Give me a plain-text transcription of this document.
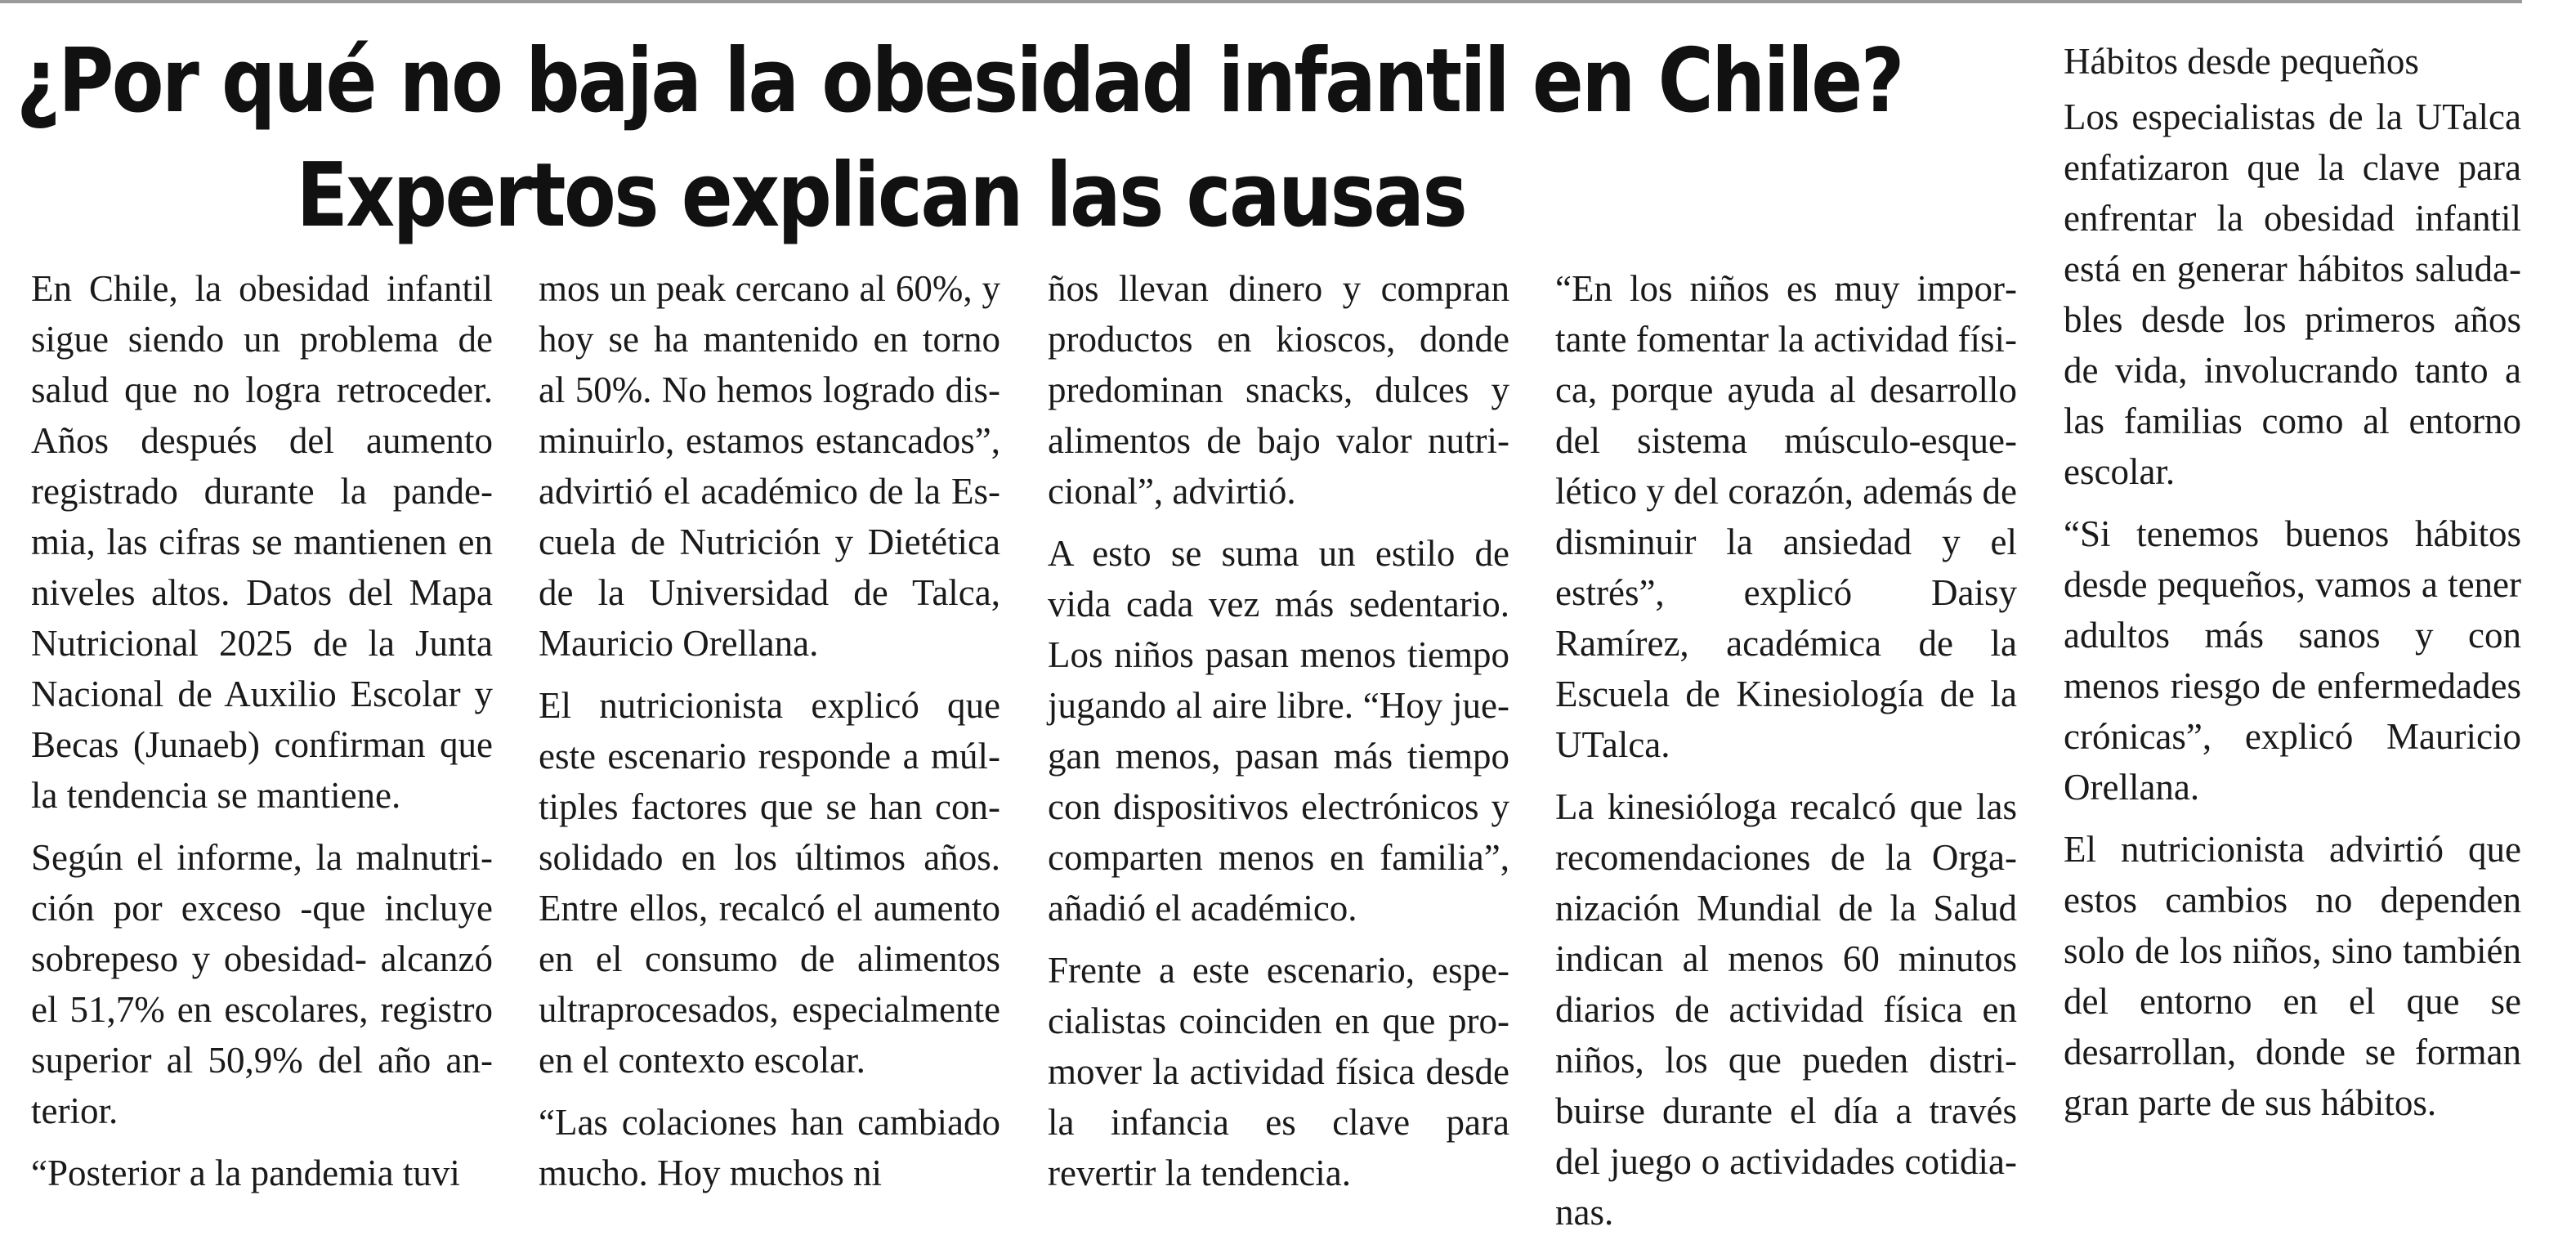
¿Por qué no baja la obesidad infantil en Chile?
Expertos explican las causas

En Chile, la obesidad infantil sigue siendo un problema de salud que no logra retroceder. Años después del aumento registrado durante la pandemia, las cifras se mantienen en niveles altos. Datos del Mapa Nutricional 2025 de la Junta Nacional de Auxilio Escolar y Becas (Junaeb) confirman que la tendencia se mantiene.

Según el informe, la malnutrición por exceso -que incluye sobrepeso y obesidad- alcanzó el 51,7% en escolares, registro superior al 50,9% del año anterior.

“Posterior a la pandemia tuvi

mos un peak cercano al 60%, y hoy se ha mantenido en torno al 50%. No hemos logrado disminuirlo, estamos estancados”, advirtió el académico de la Escuela de Nutrición y Dietética de la Universidad de Talca, Mauricio Orellana.

El nutricionista explicó que este escenario responde a múltiples factores que se han consolidado en los últimos años. Entre ellos, recalcó el aumento en el consumo de alimentos ultraprocesados, especialmente en el contexto escolar.

“Las colaciones han cambiado mucho. Hoy muchos ni

ños llevan dinero y compran productos en kioscos, donde predominan snacks, dulces y alimentos de bajo valor nutricional”, advirtió.

A esto se suma un estilo de vida cada vez más sedentario. Los niños pasan menos tiempo jugando al aire libre. “Hoy juegan menos, pasan más tiempo con dispositivos electrónicos y comparten menos en familia”, añadió el académico.

Frente a este escenario, especialistas coinciden en que promover la actividad física desde la infancia es clave para revertir la tendencia.

“En los niños es muy importante fomentar la actividad física, porque ayuda al desarrollo del sistema músculo-esquelético y del corazón, además de disminuir la ansiedad y el estrés”, explicó Daisy Ramírez, académica de la Escuela de Kinesiología de la UTalca.

La kinesióloga recalcó que las recomendaciones de la Organización Mundial de la Salud indican al menos 60 minutos diarios de actividad física en niños, los que pueden distribuirse durante el día a través del juego o actividades cotidianas.

Hábitos desde pequeños

Los especialistas de la UTalca enfatizaron que la clave para enfrentar la obesidad infantil está en generar hábitos saludables desde los primeros años de vida, involucrando tanto a las familias como al entorno escolar.

“Si tenemos buenos hábitos desde pequeños, vamos a tener adultos más sanos y con menos riesgo de enfermedades crónicas”, explicó Mauricio Orellana.

El nutricionista advirtió que estos cambios no dependen solo de los niños, sino también del entorno en el que se desarrollan, donde se forman gran parte de sus hábitos.
